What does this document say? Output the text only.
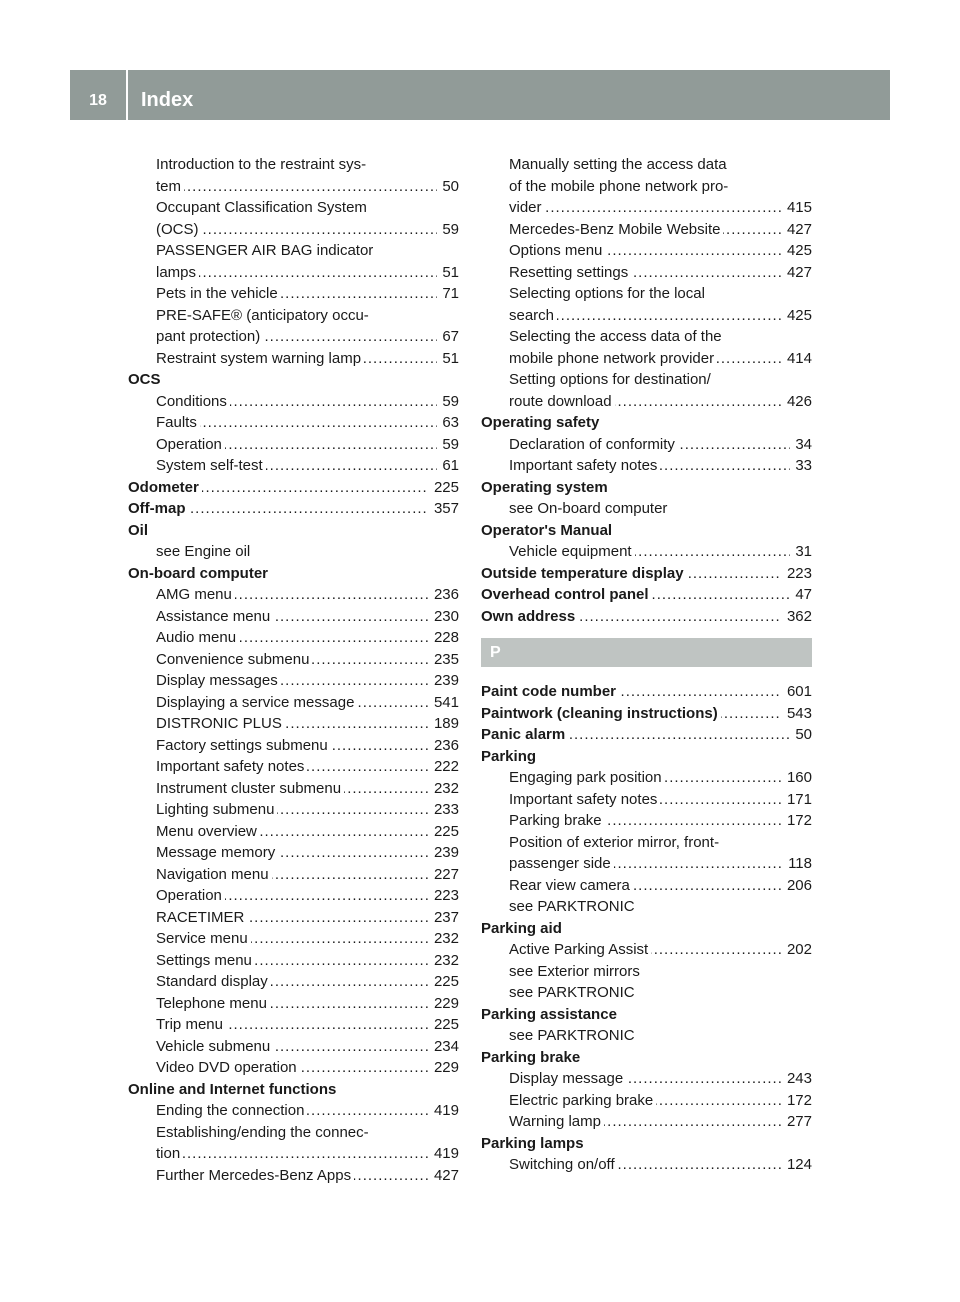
18	Index
Introduction to the restraint sys-
tem	50
.....
Occupant Classification System
(OCS)	59
.....
PASSENGER AIR BAG indicator
lamps	51
.....
Pets in the vehicle	71
.....
PRE-SAFE® (anticipatory occu-
pant protection)	67
.....
Restraint system warning lamp	51
.....
OCS
Conditions	59
.....
Faults	63
.....
Operation	59
.....
System self-test	61
.....
Odometer	225
.....
Off-map	357
.....
Oil
see Engine oil
On-board computer
AMG menu	236
.....
Assistance menu	230
.....
Audio menu	228
.....
Convenience submenu	235
.....
Display messages	239
.....
Displaying a service message	541
.....
DISTRONIC PLUS	189
.....
Factory settings submenu	236
.....
Important safety notes	222
.....
Instrument cluster submenu	232
.....
Lighting submenu	233
.....
Menu overview	225
.....
Message memory	239
.....
Navigation menu	227
.....
Operation	223
.....
RACETIMER	237
.....
Service menu	232
.....
Settings menu	232
.....
Standard display	225
.....
Telephone menu	229
.....
Trip menu	225
.....
Vehicle submenu	234
.....
Video DVD operation	229
.....
Online and Internet functions
Ending the connection	419
.....
Establishing/ending the connec-
tion	419
.....
Further Mercedes-Benz Apps	427
.....
Manually setting the access data
of the mobile phone network pro-
vider	415
.....
Mercedes-Benz Mobile Website	427
.....
Options menu	425
.....
Resetting settings	427
.....
Selecting options for the local
search	425
.....
Selecting the access data of the
mobile phone network provider	414
.....
Setting options for destination/
route download	426
.....
Operating safety
Declaration of conformity	34
.....
Important safety notes	33
.....
Operating system
see On-board computer
Operator's Manual
Vehicle equipment	31
.....
Outside temperature display	223
.....
Overhead control panel	47
.....
Own address	362
.....
P
Paint code number	601
.....
Paintwork (cleaning instructions)	543
.....
Panic alarm	50
.....
Parking
Engaging park position	160
.....
Important safety notes	171
.....
Parking brake	172
.....
Position of exterior mirror, front-
passenger side	118
.....
Rear view camera	206
.....
see PARKTRONIC
Parking aid
Active Parking Assist	202
.....
see Exterior mirrors
see PARKTRONIC
Parking assistance
see PARKTRONIC
Parking brake
Display message	243
.....
Electric parking brake	172
.....
Warning lamp	277
.....
Parking lamps
Switching on/off	124
.....
